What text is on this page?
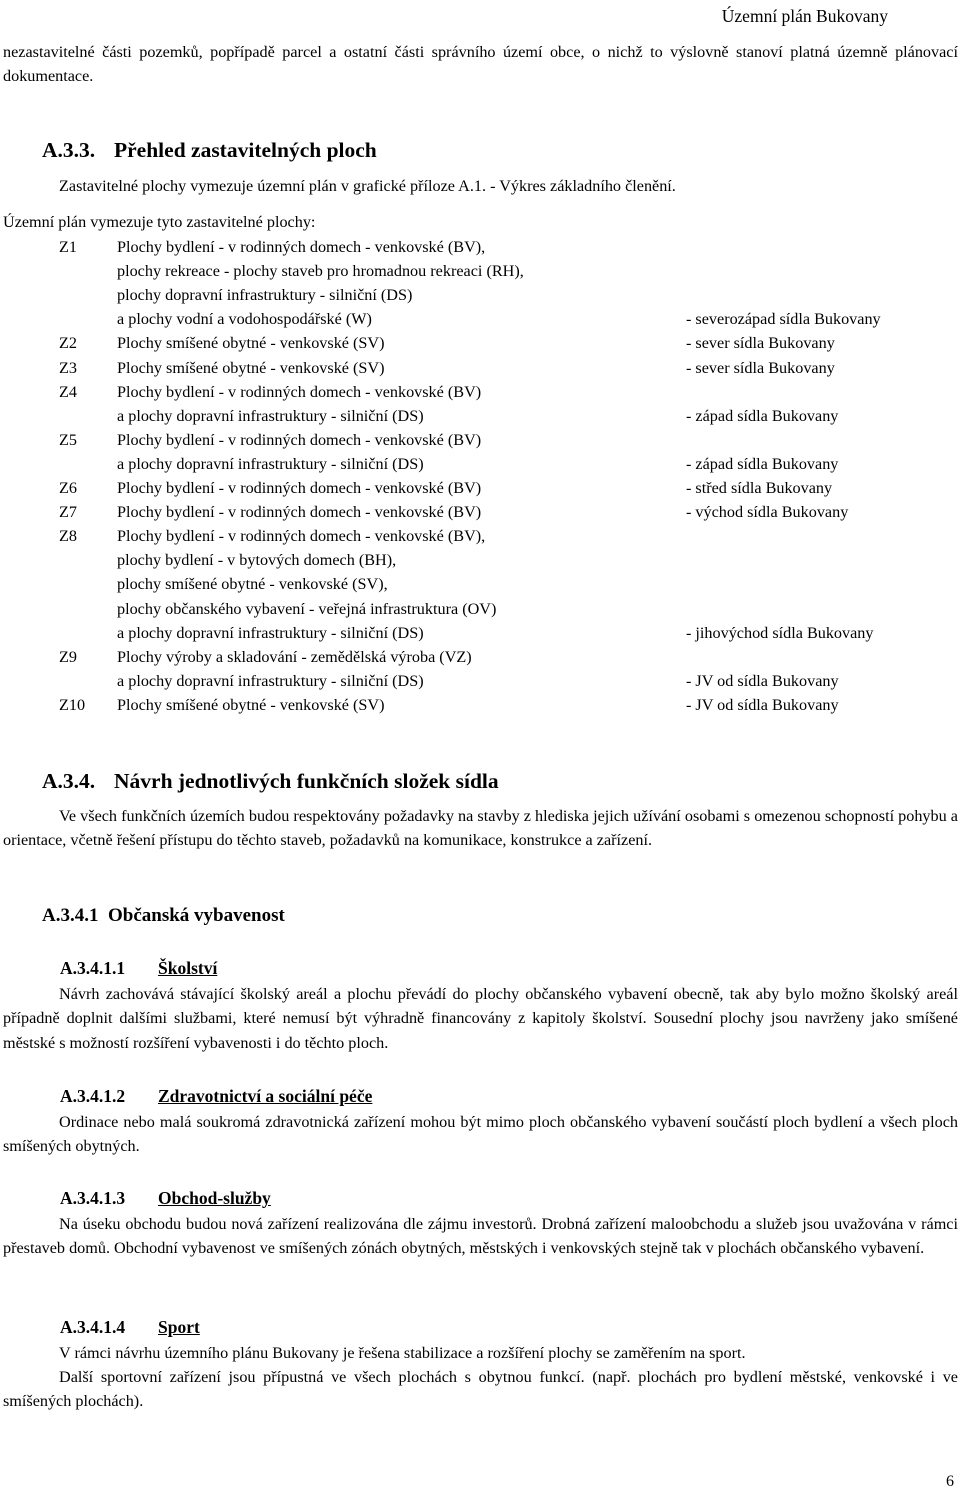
Územní plán Bukovany

nezastavitelné části pozemků, popřípadě parcel a ostatní části správního území obce, o nichž to výslovně stanoví platná územně plánovací dokumentace.

A.3.3. Přehled zastavitelných ploch
Zastavitelné plochy vymezuje územní plán v grafické příloze A.1. - Výkres základního členění.
Územní plán vymezuje tyto zastavitelné plochy:
Z1 Plochy bydlení - v rodinných domech - venkovské (BV),
plochy rekreace - plochy staveb pro hromadnou rekreaci (RH),
plochy dopravní infrastruktury - silniční (DS)
a plochy vodní a vodohospodářské (W)	- severozápad sídla Bukovany
Z2 Plochy smíšené obytné - venkovské (SV)	- sever sídla Bukovany
Z3 Plochy smíšené obytné - venkovské (SV)	- sever sídla Bukovany
Z4 Plochy bydlení - v rodinných domech - venkovské (BV)
a plochy dopravní infrastruktury - silniční (DS)	- západ sídla Bukovany
Z5 Plochy bydlení - v rodinných domech - venkovské (BV)
a plochy dopravní infrastruktury - silniční (DS)	- západ sídla Bukovany
Z6 Plochy bydlení - v rodinných domech - venkovské (BV)	- střed sídla Bukovany
Z7 Plochy bydlení - v rodinných domech - venkovské (BV)	- východ sídla Bukovany
Z8 Plochy bydlení - v rodinných domech - venkovské (BV),
plochy bydlení - v bytových domech (BH),
plochy smíšené obytné - venkovské (SV),
plochy občanského vybavení - veřejná infrastruktura (OV)
a plochy dopravní infrastruktury - silniční (DS)	- jihovýchod sídla Bukovany
Z9 Plochy výroby a skladování - zemědělská výroba (VZ)
a plochy dopravní infrastruktury - silniční (DS)	- JV od sídla Bukovany
Z10 Plochy smíšené obytné - venkovské (SV)	- JV od sídla Bukovany
A.3.4. Návrh jednotlivých funkčních složek sídla

Ve všech funkčních územích budou respektovány požadavky na stavby z hlediska jejich užívání osobami s omezenou schopností pohybu a orientace, včetně řešení přístupu do těchto staveb, požadavků na komunikace, konstrukce a zařízení.

A.3.4.1 Občanská vybavenost
A.3.4.1.1 Školství

Návrh zachovává stávající školský areál a plochu převádí do plochy občanského vybavení obecně, tak aby bylo možno školský areál případně doplnit dalšími službami, které nemusí být výhradně financovány z kapitoly školství. Sousední plochy jsou navrženy jako smíšené městské s možností rozšíření vybavenosti i do těchto ploch.

A.3.4.1.2 Zdravotnictví a sociální péče

Ordinace nebo malá soukromá zdravotnická zařízení mohou být mimo ploch občanského vybavení součástí ploch bydlení a všech ploch smíšených obytných.

A.3.4.1.3 Obchod-služby

Na úseku obchodu budou nová zařízení realizována dle zájmu investorů. Drobná zařízení maloobchodu a služeb jsou uvažována v rámci přestaveb domů. Obchodní vybavenost ve smíšených zónách obytných, městských i venkovských stejně tak v plochách občanského vybavení.

A.3.4.1.4 Sport

V rámci návrhu územního plánu Bukovany je řešena stabilizace a rozšíření plochy se zaměřením na sport.

Další sportovní zařízení jsou přípustná ve všech plochách s obytnou funkcí. (např. plochách pro bydlení městské, venkovské i ve smíšených plochách).

6
